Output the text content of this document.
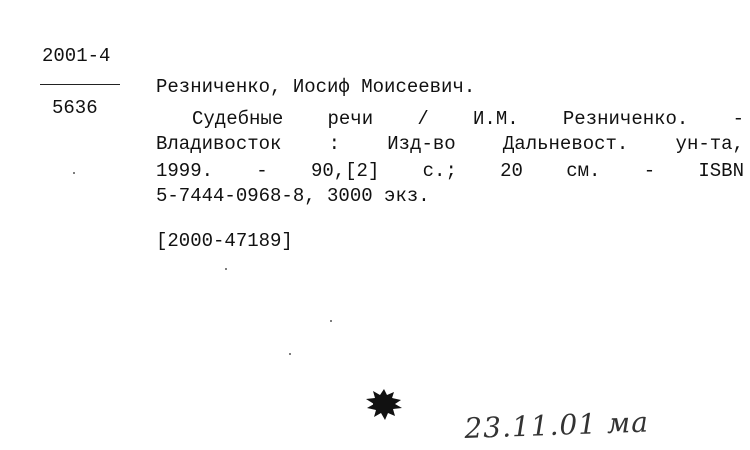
2001-4
5636
Резниченко, Иосиф Моисеевич.
Судебные речи / И.М. Резниченко. -
Владивосток : Изд-во Дальневост. ун-та,
1999. - 90,[2] с.; 20 см. - ISBN
5-7444-0968-8, 3000 экз.
[2000-47189]
23.11.01 ма
